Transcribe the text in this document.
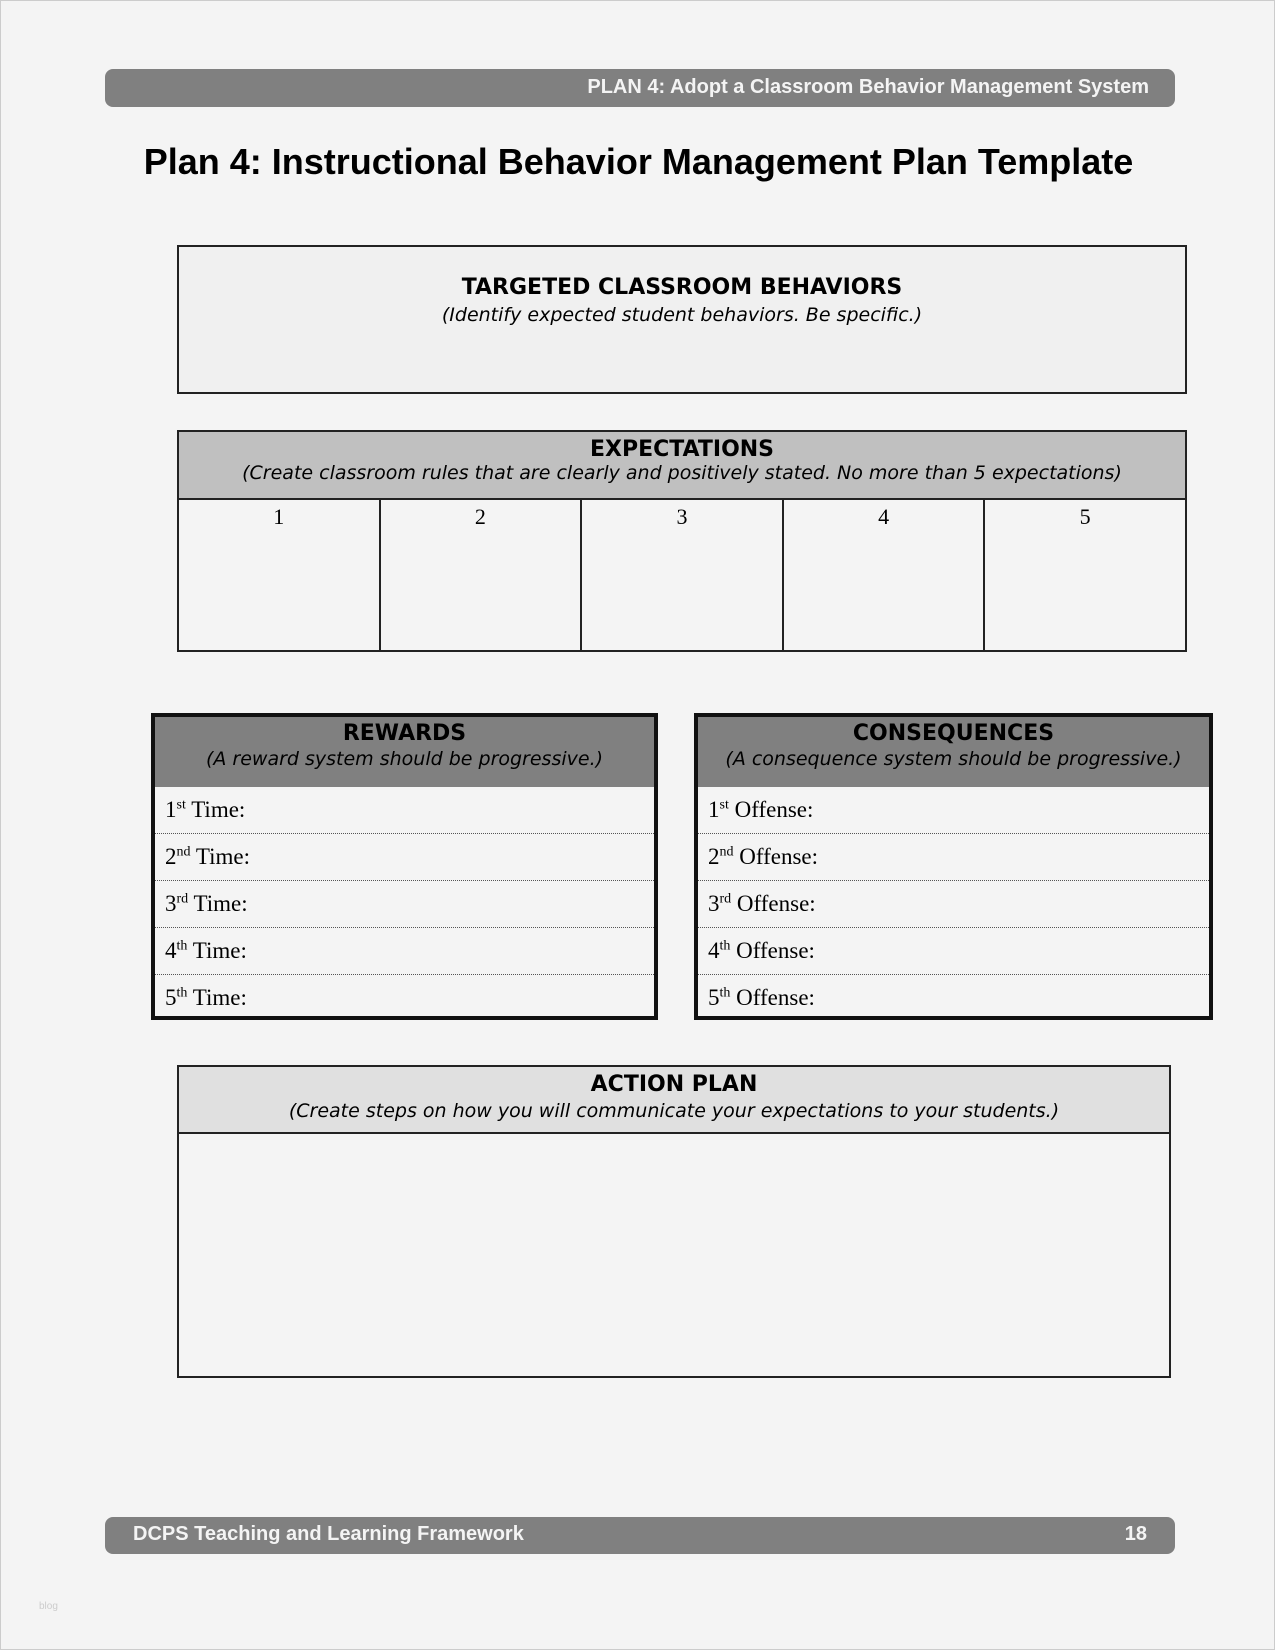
PLAN 4: Adopt a Classroom Behavior Management System
Plan 4: Instructional Behavior Management Plan Template
TARGETED CLASSROOM BEHAVIORS
(Identify expected student behaviors. Be specific.)
EXPECTATIONS
(Create classroom rules that are clearly and positively stated. No more than 5 expectations)
1	2	3	4	5
REWARDS
(A reward system should be progressive.)
1st Time:
2nd Time:
3rd Time:
4th Time:
5th Time:
CONSEQUENCES
(A consequence system should be progressive.)
1st Offense:
2nd Offense:
3rd Offense:
4th Offense:
5th Offense:
ACTION PLAN
(Create steps on how you will communicate your expectations to your students.)
DCPS Teaching and Learning Framework	18
blog
